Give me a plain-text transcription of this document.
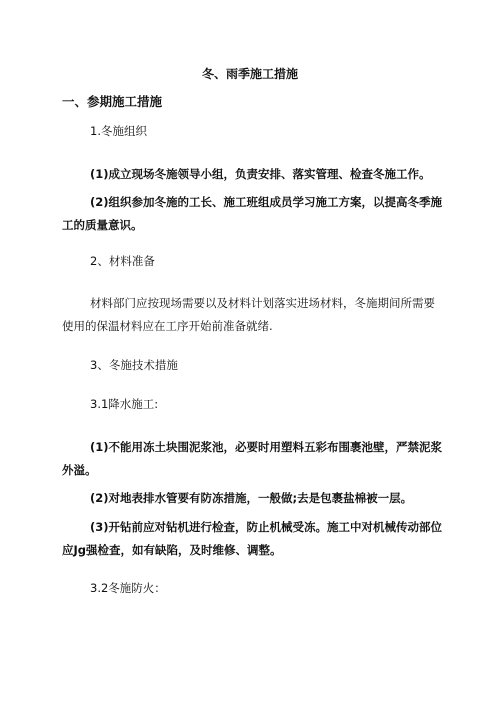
冬、雨季施工措施

一、参期施工措施

1.冬施组织

(1)成立现场冬施领导小组，负责安排、落实管理、检查冬施工作。

(2)组织参加冬施的工长、施工班组成员学习施工方案，以提高冬季施工的质量意识。

2、材料准备

材料部门应按现场需要以及材料计划落实进场材料，冬施期间所需要使用的保温材料应在工序开始前准备就绪.

3、冬施技术措施

3.1降水施工:

(1)不能用冻土块围泥浆池，必要时用塑料五彩布围裹池壁，严禁泥浆外溢。

(2)对地表排水管要有防冻措施，一般做;去是包裹盐棉被一层。

(3)开钻前应对钻机进行检查，防止机械受冻。施工中对机械传动部位应Jg强检查，如有缺陷，及时维修、调整。

3.2冬施防火：
